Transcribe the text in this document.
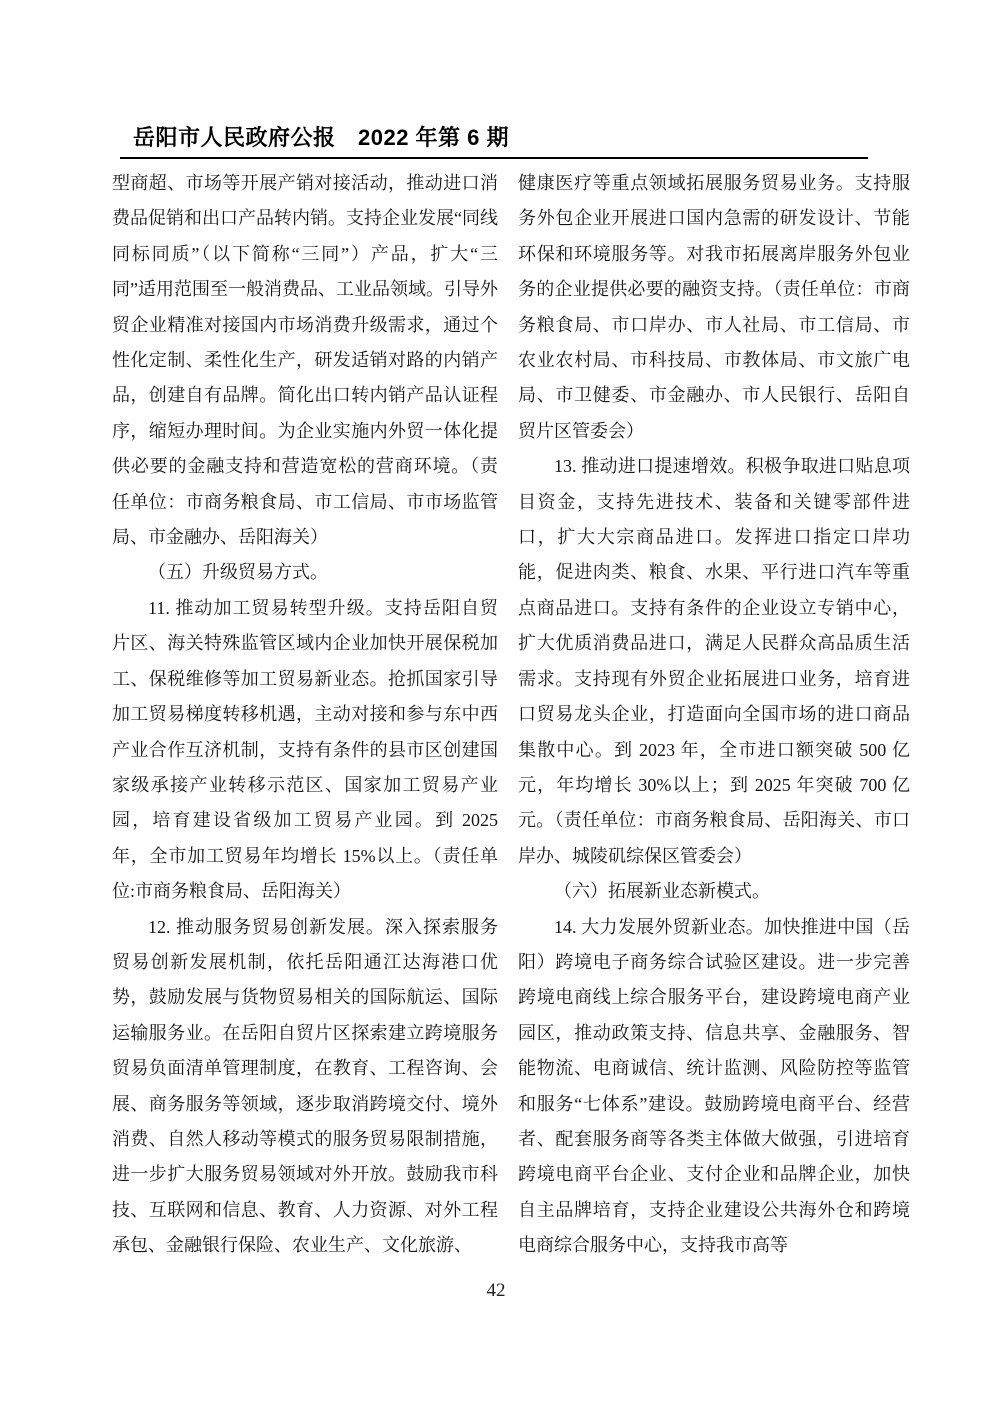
岳阳市人民政府公报　2022 年第 6 期

型商超、市场等开展产销对接活动，推动进口消费品促销和出口产品转内销。支持企业发展“同线同标同质”（以下简称“三同”）产品，扩大“三同”适用范围至一般消费品、工业品领域。引导外贸企业精准对接国内市场消费升级需求，通过个性化定制、柔性化生产，研发适销对路的内销产品，创建自有品牌。简化出口转内销产品认证程序，缩短办理时间。为企业实施内外贸一体化提供必要的金融支持和营造宽松的营商环境。（责任单位：市商务粮食局、市工信局、市市场监管局、市金融办、岳阳海关）

（五）升级贸易方式。

11. 推动加工贸易转型升级。支持岳阳自贸片区、海关特殊监管区域内企业加快开展保税加工、保税维修等加工贸易新业态。抢抓国家引导加工贸易梯度转移机遇，主动对接和参与东中西产业合作互济机制，支持有条件的县市区创建国家级承接产业转移示范区、国家加工贸易产业园，培育建设省级加工贸易产业园。到 2025 年，全市加工贸易年均增长 15%以上。（责任单位:市商务粮食局、岳阳海关）

12. 推动服务贸易创新发展。深入探索服务贸易创新发展机制，依托岳阳通江达海港口优势，鼓励发展与货物贸易相关的国际航运、国际运输服务业。在岳阳自贸片区探索建立跨境服务贸易负面清单管理制度，在教育、工程咨询、会展、商务服务等领域，逐步取消跨境交付、境外消费、自然人移动等模式的服务贸易限制措施，进一步扩大服务贸易领域对外开放。鼓励我市科技、互联网和信息、教育、人力资源、对外工程承包、金融银行保险、农业生产、文化旅游、

健康医疗等重点领域拓展服务贸易业务。支持服务外包企业开展进口国内急需的研发设计、节能环保和环境服务等。对我市拓展离岸服务外包业务的企业提供必要的融资支持。（责任单位：市商务粮食局、市口岸办、市人社局、市工信局、市农业农村局、市科技局、市教体局、市文旅广电局、市卫健委、市金融办、市人民银行、岳阳自贸片区管委会）

13. 推动进口提速增效。积极争取进口贴息项目资金，支持先进技术、装备和关键零部件进口，扩大大宗商品进口。发挥进口指定口岸功能，促进肉类、粮食、水果、平行进口汽车等重点商品进口。支持有条件的企业设立专销中心，扩大优质消费品进口，满足人民群众高品质生活需求。支持现有外贸企业拓展进口业务，培育进口贸易龙头企业，打造面向全国市场的进口商品集散中心。到 2023 年，全市进口额突破 500 亿元，年均增长 30%以上；到 2025 年突破 700 亿元。（责任单位：市商务粮食局、岳阳海关、市口岸办、城陵矶综保区管委会）

（六）拓展新业态新模式。

14. 大力发展外贸新业态。加快推进中国（岳阳）跨境电子商务综合试验区建设。进一步完善跨境电商线上综合服务平台，建设跨境电商产业园区，推动政策支持、信息共享、金融服务、智能物流、电商诚信、统计监测、风险防控等监管和服务“七体系”建设。鼓励跨境电商平台、经营者、配套服务商等各类主体做大做强，引进培育跨境电商平台企业、支付企业和品牌企业，加快自主品牌培育，支持企业建设公共海外仓和跨境电商综合服务中心，支持我市高等

42
